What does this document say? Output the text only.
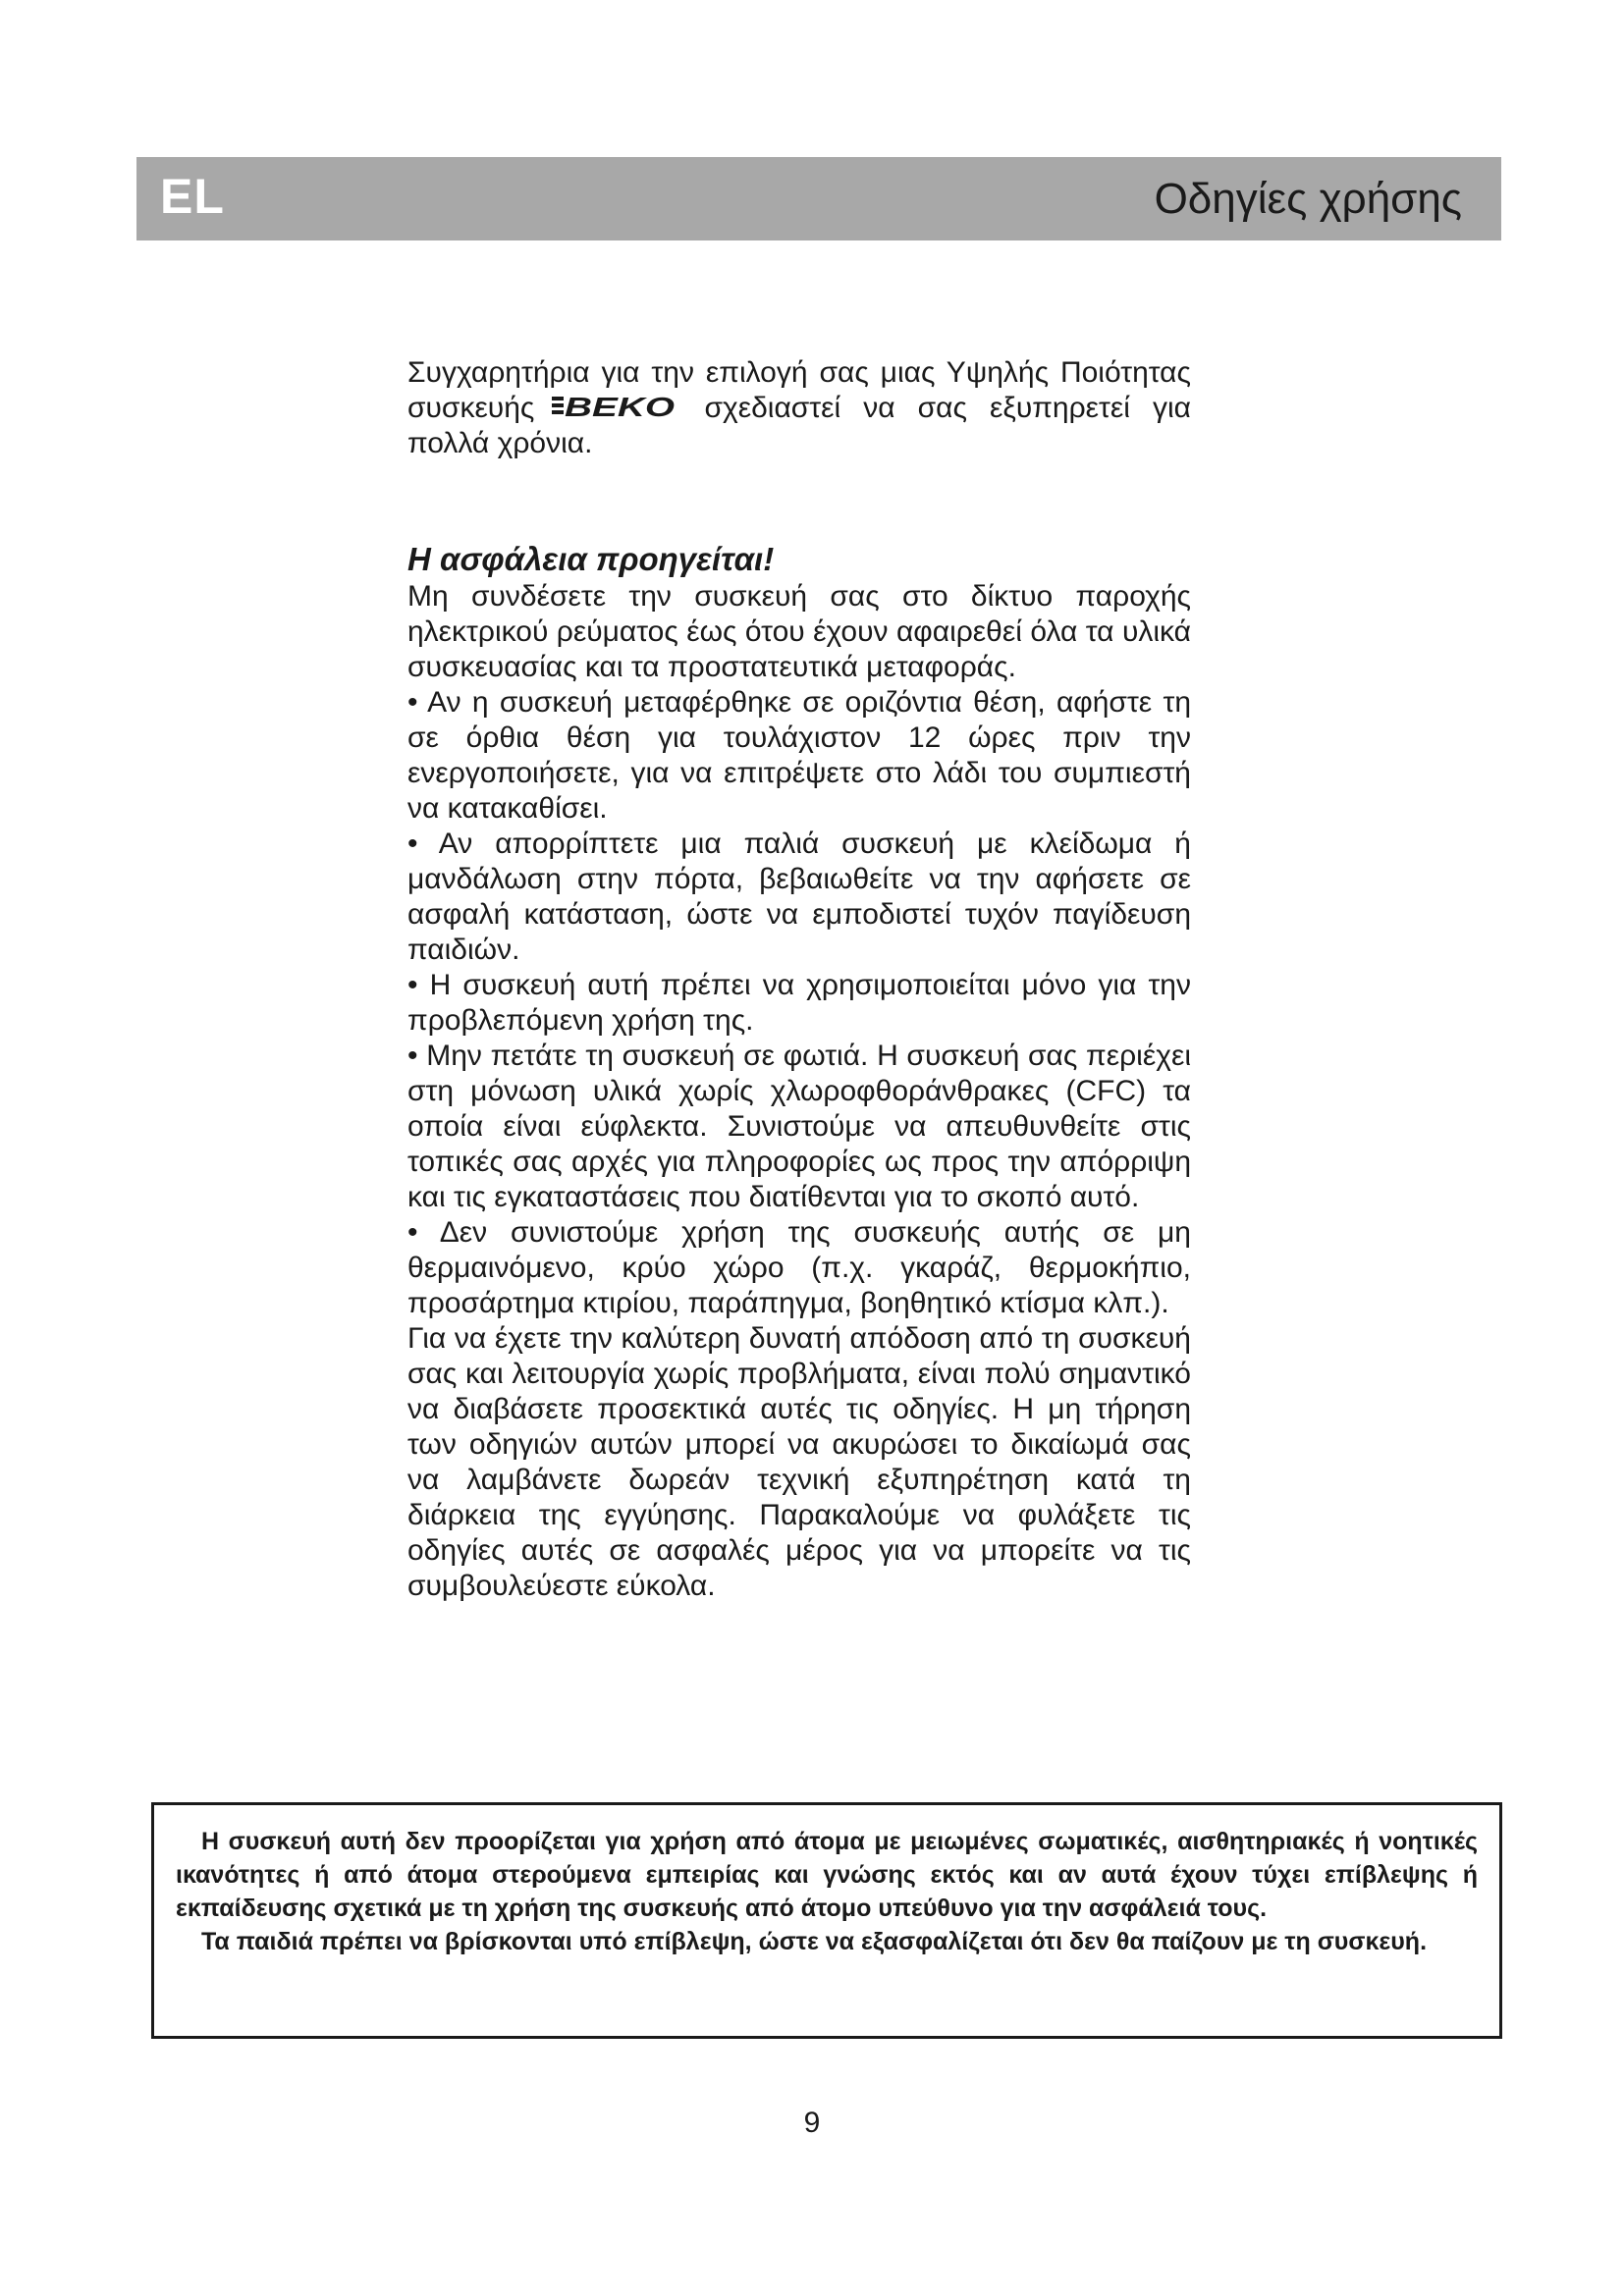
EL	Οδηγίες χρήσης

Συγχαρητήρια για την επιλογή σας μιας Υψηλής Ποιότητας συσκευής BEKO σχεδιαστεί να σας εξυπηρετεί για πολλά χρόνια.

Η ασφάλεια προηγείται!

Μη συνδέσετε την συσκευή σας στο δίκτυο παροχής ηλεκτρικού ρεύματος έως ότου έχουν αφαιρεθεί όλα τα υλικά συσκευασίας και τα προστατευτικά μεταφοράς.

• Αν η συσκευή μεταφέρθηκε σε οριζόντια θέση, αφήστε τη σε όρθια θέση για τουλάχιστον 12 ώρες πριν την ενεργοποιήσετε, για να επιτρέψετε στο λάδι του συμπιεστή να κατακαθίσει.

• Αν απορρίπτετε μια παλιά συσκευή με κλείδωμα ή μανδάλωση στην πόρτα, βεβαιωθείτε να την αφήσετε σε ασφαλή κατάσταση, ώστε να εμποδιστεί τυχόν παγίδευση παιδιών.

• Η συσκευή αυτή πρέπει να χρησιμοποιείται μόνο για την προβλεπόμενη χρήση της.

• Μην πετάτε τη συσκευή σε φωτιά. Η συσκευή σας περιέχει στη μόνωση υλικά χωρίς χλωροφθοράνθρακες (CFC) τα οποία είναι εύφλεκτα. Συνιστούμε να απευθυνθείτε στις τοπικές σας αρχές για πληροφορίες ως προς την απόρριψη και τις εγκαταστάσεις που διατίθενται για το σκοπό αυτό.

• Δεν συνιστούμε χρήση της συσκευής αυτής σε μη θερμαινόμενο, κρύο χώρο (π.χ. γκαράζ, θερμοκήπιο, προσάρτημα κτιρίου, παράπηγμα, βοηθητικό κτίσμα κλπ.).

Για να έχετε την καλύτερη δυνατή απόδοση από τη συσκευή σας και λειτουργία χωρίς προβλήματα, είναι πολύ σημαντικό να διαβάσετε προσεκτικά αυτές τις οδηγίες. Η μη τήρηση των οδηγιών αυτών μπορεί να ακυρώσει το δικαίωμά σας να λαμβάνετε δωρεάν τεχνική εξυπηρέτηση κατά τη διάρκεια της εγγύησης. Παρακαλούμε να φυλάξετε τις οδηγίες αυτές σε ασφαλές μέρος για να μπορείτε να τις συμβουλεύεστε εύκολα.

Η συσκευή αυτή δεν προορίζεται για χρήση από άτομα με μειωμένες σωματικές, αισθητηριακές ή νοητικές ικανότητες ή από άτομα στερούμενα εμπειρίας και γνώσης εκτός και αν αυτά έχουν τύχει επίβλεψης ή εκπαίδευσης σχετικά με τη χρήση της συσκευής από άτομο υπεύθυνο για την ασφάλειά τους.

Τα παιδιά πρέπει να βρίσκονται υπό επίβλεψη, ώστε να εξασφαλίζεται ότι δεν θα παίζουν με τη συσκευή.

9
